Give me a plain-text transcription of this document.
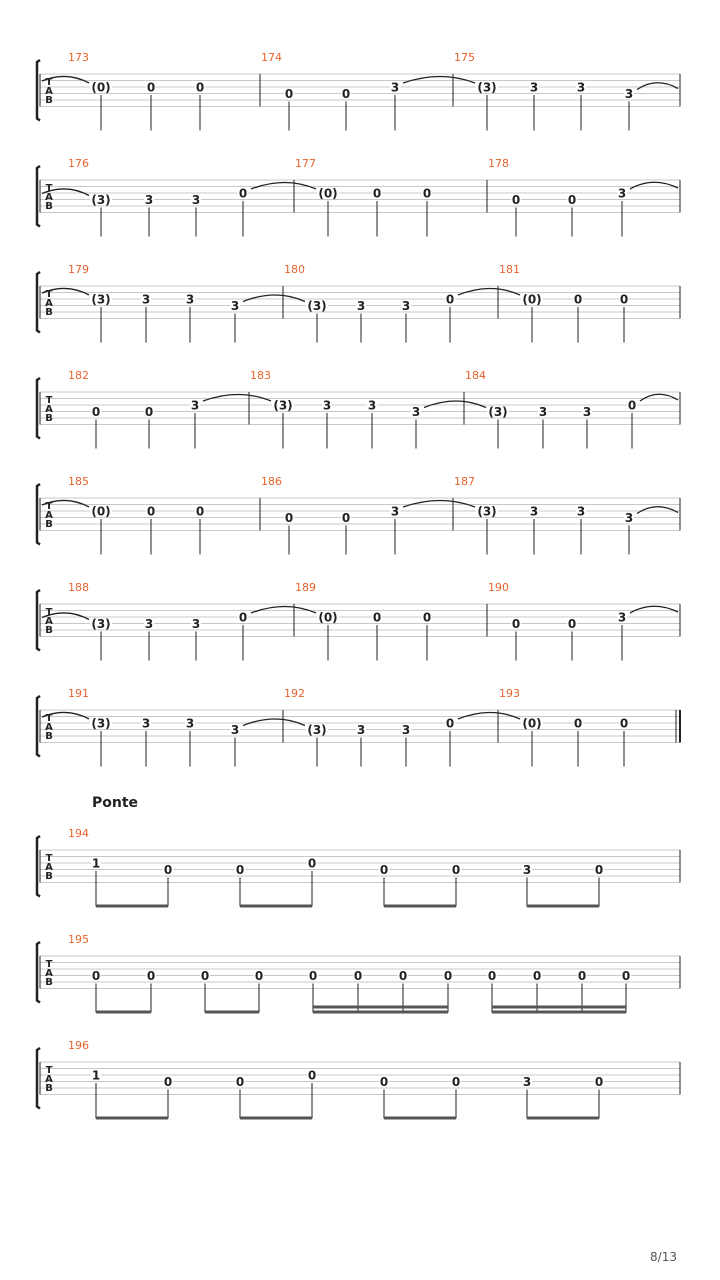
T
A
B
173
(0)	0	0
174
0	0	3
175
(3)	3	3	3
T
A
B
176
(3)	3	3	0
177
(0)	0	0
178
0	0	3
T
A
B
179
(3)	3	3	3
180
(3)	3	3	0
181
(0)	0	0
T
A
B
182
0	0	3
183
(3)	3	3	3
184
(3)	3	3	0
T
A
B
185
(0)	0	0
186
0	0	3
187
(3)	3	3	3
T
A
B
188
(3)	3	3	0
189
(0)	0	0
190
0	0	3
T
A
B
191
(3)	3	3	3
192
(3)	3	3	0
193
(0)	0	0
T
A
B
194
1	0	0	0	0	0	3	0
T
A
B
195
0	0	0	0	0	0	0	0	0	0	0	0
T
A
B
196
1	0	0	0	0	0	3	0
Ponte
8/13
